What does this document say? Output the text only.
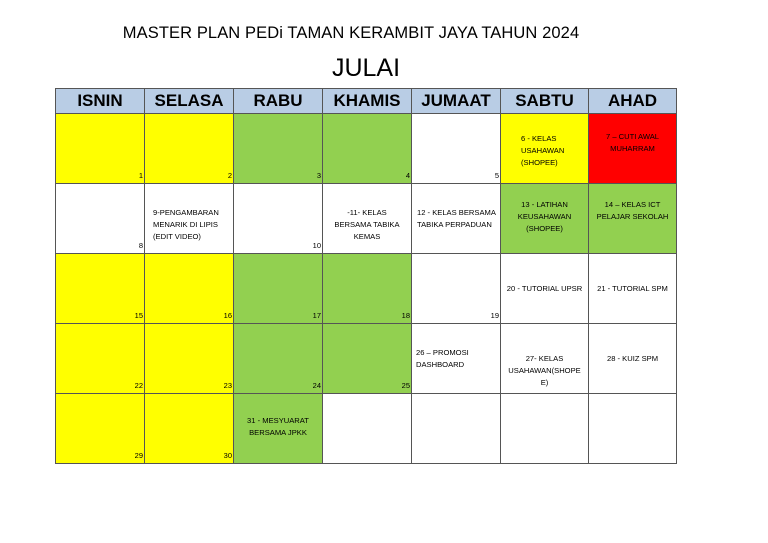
MASTER PLAN PEDi TAMAN KERAMBIT JAYA TAHUN 2024
JULAI
ISNIN	SELASA	RABU	KHAMIS	JUMAAT	SABTU	AHAD

1	2	3	4	5	6 - KELAS
USAHAWAN
(SHOPEE)	7 – CUTI AWAL
MUHARRAM

8	9-PENGAMBARAN
MENARIK DI LIPIS
(EDIT VIDEO)	10	-11- KELAS
BERSAMA TABIKA
KEMAS	12 - KELAS BERSAMA
TABIKA PERPADUAN	13 - LATIHAN
KEUSAHAWAN
(SHOPEE)	14 – KELAS ICT
PELAJAR SEKOLAH

15	16	17	18	19	20 - TUTORIAL UPSR	21 - TUTORIAL SPM

22	23	24	25	26 – PROMOSI
DASHBOARD	27- KELAS
USAHAWAN(SHOPE
E)	28 - KUIZ SPM

29	30	31 - MESYUARAT
BERSAMA JPKK				
